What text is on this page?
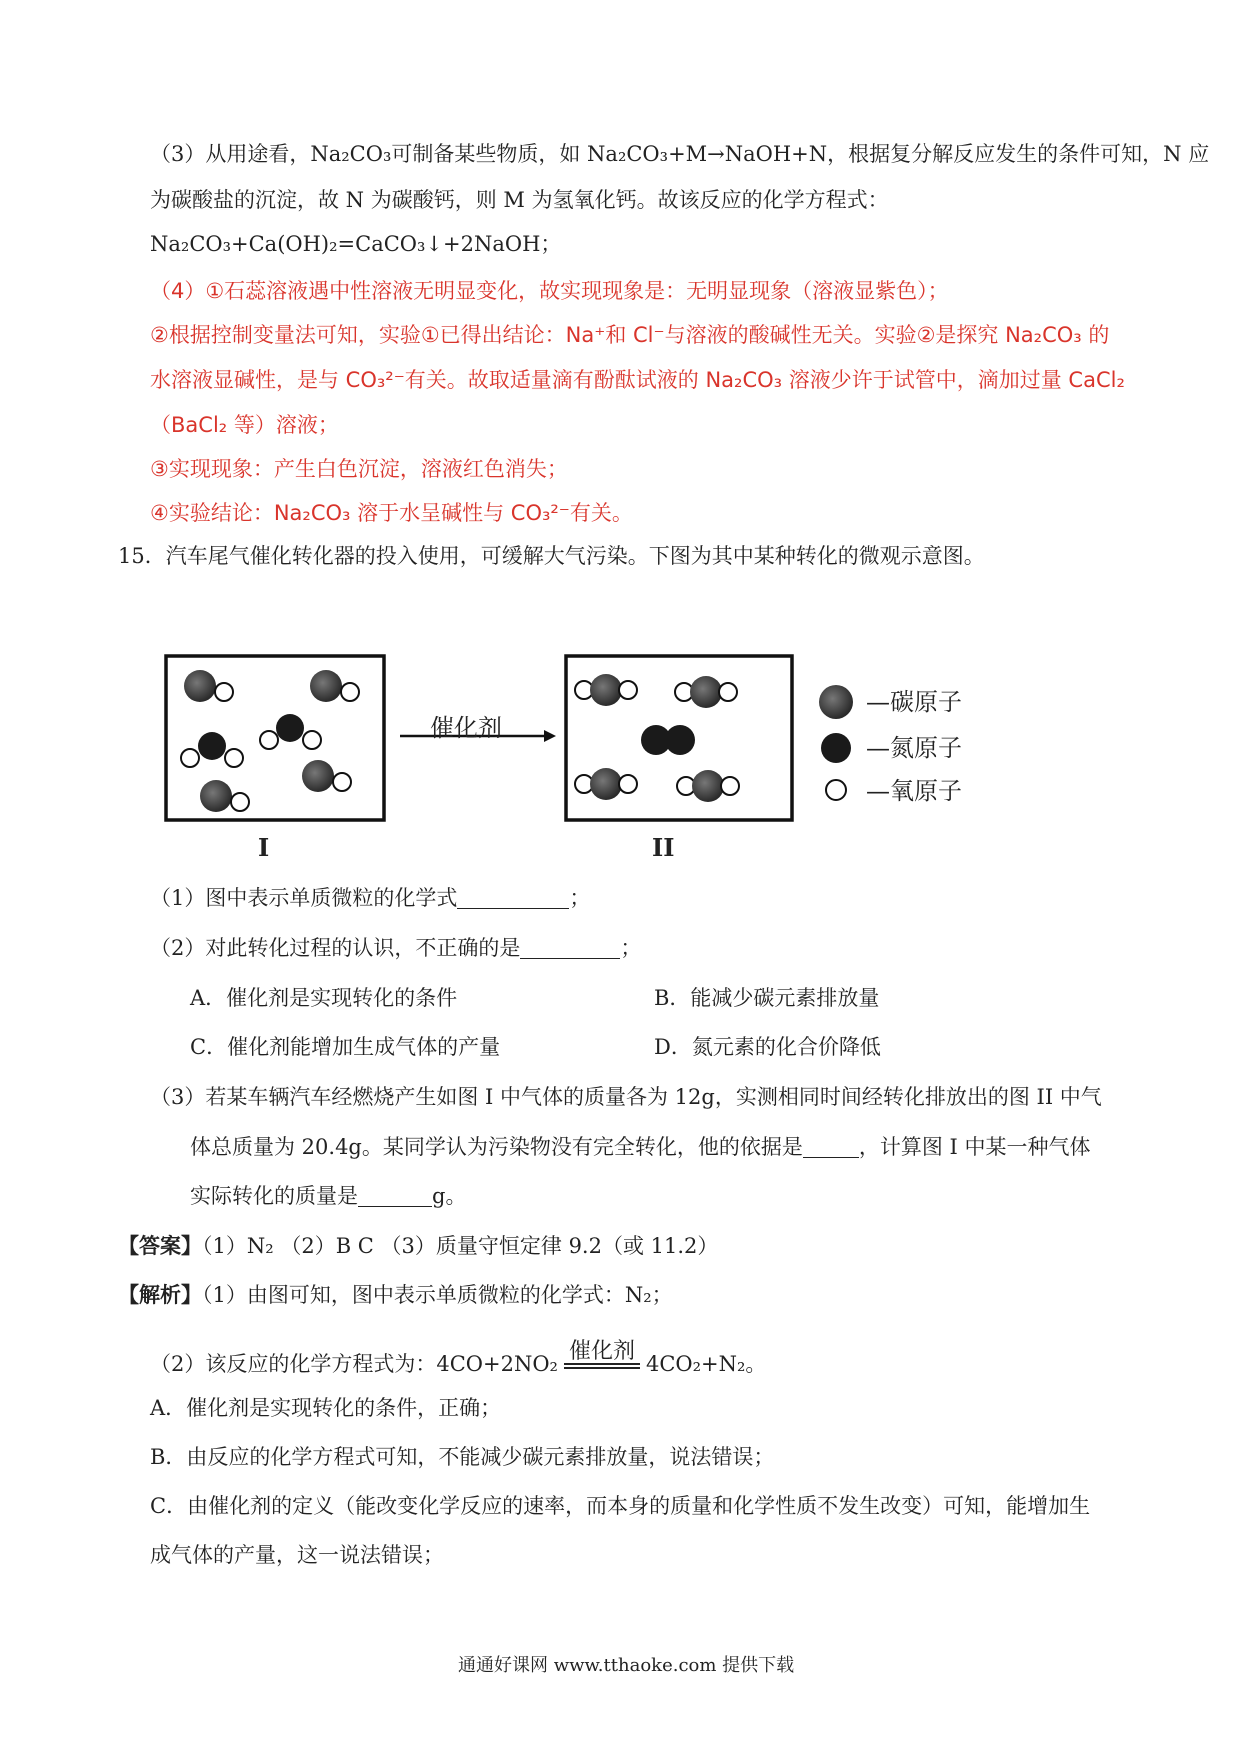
（3）从用途看，Na₂CO₃可制备某些物质，如 Na₂CO₃+M→NaOH+N，根据复分解反应发生的条件可知，N 应
为碳酸盐的沉淀，故 N 为碳酸钙，则 M 为氢氧化钙。故该反应的化学方程式：
Na₂CO₃+Ca(OH)₂=CaCO₃↓+2NaOH；
（4）①石蕊溶液遇中性溶液无明显变化，故实现现象是：无明显现象（溶液显紫色）；
②根据控制变量法可知，实验①已得出结论：Na⁺和 Cl⁻与溶液的酸碱性无关。实验②是探究 Na₂CO₃ 的
水溶液显碱性，是与 CO₃²⁻有关。故取适量滴有酚酞试液的 Na₂CO₃ 溶液少许于试管中，滴加过量 CaCl₂
（BaCl₂ 等）溶液；
③实现现象：产生白色沉淀，溶液红色消失；
④实验结论：Na₂CO₃ 溶于水呈碱性与 CO₃²⁻有关。
15．汽车尾气催化转化器的投入使用，可缓解大气污染。下图为其中某种转化的微观示意图。
催化剂
I	II
—碳原子
—氮原子
—氧原子
（1）图中表示单质微粒的化学式	；
（2）对此转化过程的认识，不正确的是	；
A．催化剂是实现转化的条件	B．能减少碳元素排放量
C．催化剂能增加生成气体的产量	D．氮元素的化合价降低
（3）若某车辆汽车经燃烧产生如图 I 中气体的质量各为 12g，实测相同时间经转化排放出的图 II 中气
体总质量为 20.4g。某同学认为污染物没有完全转化，他的依据是	，计算图 I 中某一种气体
实际转化的质量是	g。
【答案】（1）N₂ （2）B C （3）质量守恒定律 9.2（或 11.2）
【解析】（1）由图可知，图中表示单质微粒的化学式：N₂；
（2）该反应的化学方程式为：4CO+2NO₂ 催化剂 4CO₂+N₂。
A．催化剂是实现转化的条件，正确；
B．由反应的化学方程式可知，不能减少碳元素排放量，说法错误；
C．由催化剂的定义（能改变化学反应的速率，而本身的质量和化学性质不发生改变）可知，能增加生
成气体的产量，这一说法错误；
通通好课网 www.tthaoke.com 提供下载
